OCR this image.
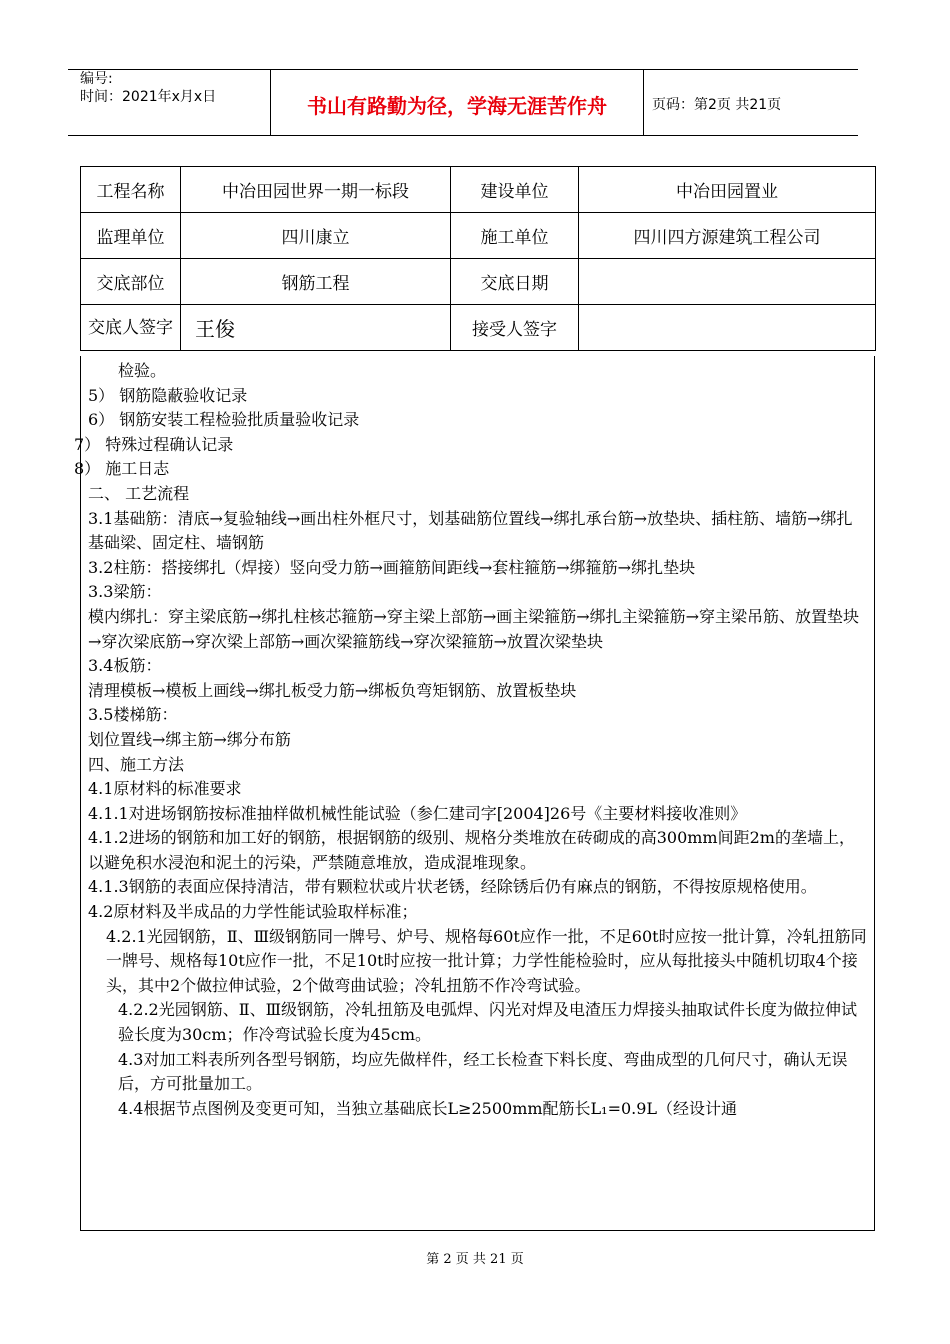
编号:
时间：2021年x月x日	书山有路勤为径，学海无涯苦作舟	页码：第2页 共21页
工程名称	中冶田园世界一期一标段	建设单位	中冶田园置业
监理单位	四川康立	施工单位	四川四方源建筑工程公司
交底部位	钢筋工程	交底日期	
交底人签字	王俊	接受人签字	

检验。

5） 钢筋隐蔽验收记录

6） 钢筋安装工程检验批质量验收记录

7） 特殊过程确认记录

8） 施工日志

二、 工艺流程

3.1基础筋：清底→复验轴线→画出柱外框尺寸，划基础筋位置线→绑扎承台筋→放垫块、插柱筋、墙筋→绑扎基础梁、固定柱、墙钢筋

3.2柱筋：搭接绑扎（焊接）竖向受力筋→画箍筋间距线→套柱箍筋→绑箍筋→绑扎垫块

3.3梁筋：

模内绑扎：穿主梁底筋→绑扎柱核芯箍筋→穿主梁上部筋→画主梁箍筋→绑扎主梁箍筋→穿主梁吊筋、放置垫块→穿次梁底筋→穿次梁上部筋→画次梁箍筋线→穿次梁箍筋→放置次梁垫块

3.4板筋：

清理模板→模板上画线→绑扎板受力筋→绑板负弯矩钢筋、放置板垫块

3.5楼梯筋：

划位置线→绑主筋→绑分布筋

四、施工方法

4.1原材料的标准要求

4.1.1对进场钢筋按标准抽样做机械性能试验（参仁建司字[2004]26号《主要材料接收准则》

4.1.2进场的钢筋和加工好的钢筋，根据钢筋的级别、规格分类堆放在砖砌成的高300mm间距2m的垄墙上，以避免积水浸泡和泥土的污染，严禁随意堆放，造成混堆现象。

4.1.3钢筋的表面应保持清洁，带有颗粒状或片状老锈，经除锈后仍有麻点的钢筋，不得按原规格使用。

4.2原材料及半成品的力学性能试验取样标准；

4.2.1光园钢筋，Ⅱ、Ⅲ级钢筋同一牌号、炉号、规格每60t应作一批，不足60t时应按一批计算，冷轧扭筋同一牌号、规格每10t应作一批，不足10t时应按一批计算；力学性能检验时，应从每批接头中随机切取4个接头，其中2个做拉伸试验，2个做弯曲试验；冷轧扭筋不作冷弯试验。

4.2.2光园钢筋、Ⅱ、Ⅲ级钢筋，冷轧扭筋及电弧焊、闪光对焊及电渣压力焊接头抽取试件长度为做拉伸试验长度为30cm；作冷弯试验长度为45cm。

4.3对加工料表所列各型号钢筋，均应先做样件，经工长检查下料长度、弯曲成型的几何尺寸，确认无误后，方可批量加工。

4.4根据节点图例及变更可知，当独立基础底长L≥2500mm配筋长L₁=0.9L（经设计通

第 2 页 共 21 页
